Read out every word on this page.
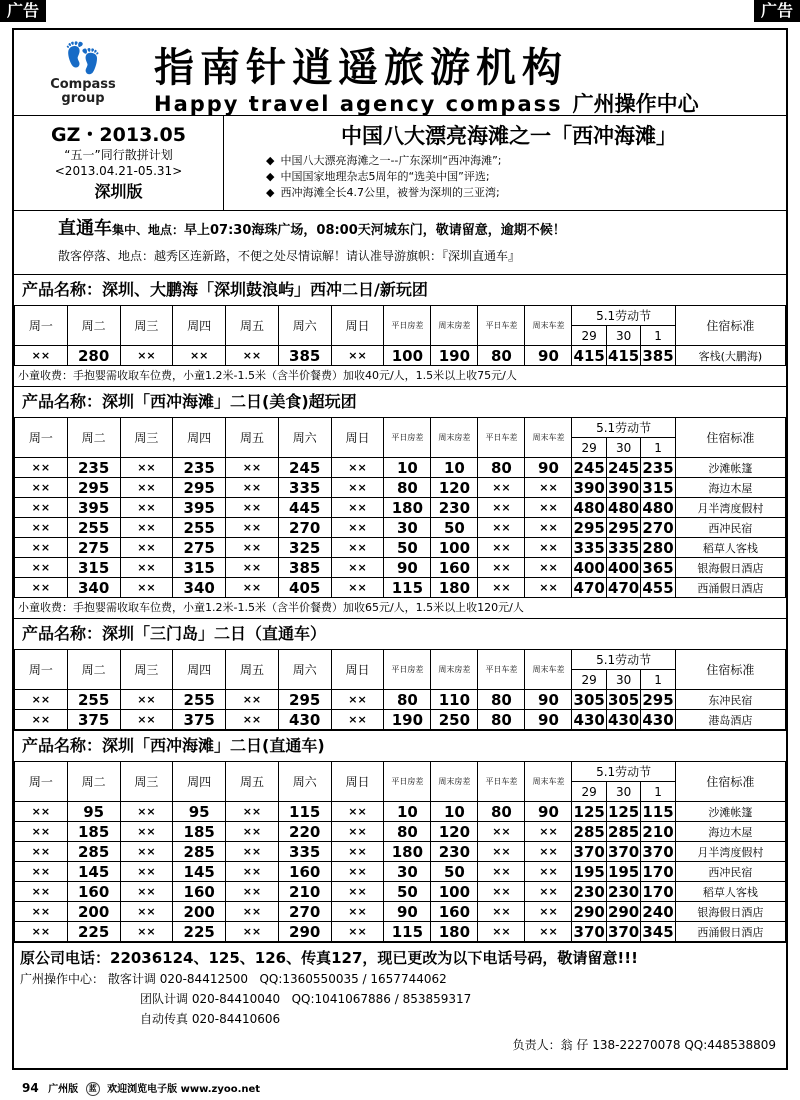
广告	广告
👣
Compass
group
指南针逍遥旅游机构
Happy travel agency compass 广州操作中心
GZ・2013.05
“五一”同行散拼计划
<2013.04.21-05.31>
深圳版
中国八大漂亮海滩之一「西冲海滩」
◆ 中国八大漂亮海滩之一--广东深圳“西冲海滩”;
◆ 中国国家地理杂志5周年的“选美中国”评选;
◆ 西冲海滩全长4.7公里，被誉为深圳的三亚湾;
直通车集中、地点：早上07:30海珠广场，08:00天河城东门，敬请留意，逾期不候！
散客停落、地点：越秀区连新路，不便之处尽情谅解！请认准导游旗帜：『深圳直通车』
产品名称：深圳、大鹏海「深圳鼓浪屿」西冲二日/新玩团
周一	周二	周三	周四	周五	周六	周日	平日房差	周末房差	平日车差	周末车差	5.1劳动节			住宿标准
											29	30	1	
××	280	××	××	××	385	××	100	190	80	90	415	415	385	客栈(大鹏海)
小童收费：手抱婴需收取车位费，小童1.2米-1.5米（含半价餐费）加收40元/人，1.5米以上收75元/人
产品名称：深圳「西冲海滩」二日(美食)超玩团
周一	周二	周三	周四	周五	周六	周日	平日房差	周末房差	平日车差	周末车差	5.1劳动节			住宿标准
											29	30	1	
××	235	××	235	××	245	××	10	10	80	90	245	245	235	沙滩帐篷
××	295	××	295	××	335	××	80	120	××	××	390	390	315	海边木屋
××	395	××	395	××	445	××	180	230	××	××	480	480	480	月半湾度假村
××	255	××	255	××	270	××	30	50	××	××	295	295	270	西冲民宿
××	275	××	275	××	325	××	50	100	××	××	335	335	280	稻草人客栈
××	315	××	315	××	385	××	90	160	××	××	400	400	365	银海假日酒店
××	340	××	340	××	405	××	115	180	××	××	470	470	455	西涌假日酒店
小童收费：手抱婴需收取车位费，小童1.2米-1.5米（含半价餐费）加收65元/人，1.5米以上收120元/人
产品名称：深圳「三门岛」二日（直通车）
周一	周二	周三	周四	周五	周六	周日	平日房差	周末房差	平日车差	周末车差	5.1劳动节			住宿标准
											29	30	1	
××	255	××	255	××	295	××	80	110	80	90	305	305	295	东冲民宿
××	375	××	375	××	430	××	190	250	80	90	430	430	430	港岛酒店
产品名称：深圳「西冲海滩」二日(直通车)
周一	周二	周三	周四	周五	周六	周日	平日房差	周末房差	平日车差	周末车差	5.1劳动节			住宿标准
											29	30	1	
××	95	××	95	××	115	××	10	10	80	90	125	125	115	沙滩帐篷
××	185	××	185	××	220	××	80	120	××	××	285	285	210	海边木屋
××	285	××	285	××	335	××	180	230	××	××	370	370	370	月半湾度假村
××	145	××	145	××	160	××	30	50	××	××	195	195	170	西冲民宿
××	160	××	160	××	210	××	50	100	××	××	230	230	170	稻草人客栈
××	200	××	200	××	270	××	90	160	××	××	290	290	240	银海假日酒店
××	225	××	225	××	290	××	115	180	××	××	370	370	345	西涌假日酒店
原公司电话：22036124、125、126、传真127，现已更改为以下电话号码，敬请留意!!!
广州操作中心： 散客计调 020-84412500 QQ:1360550035 / 1657744062
团队计调 020-84410040 QQ:1041067886 / 853859317
自动传真 020-84410606
负责人：翁 仔 138-22270078 QQ:448538809
94 广州版 蓝 欢迎浏览电子版 www.zyoo.net
